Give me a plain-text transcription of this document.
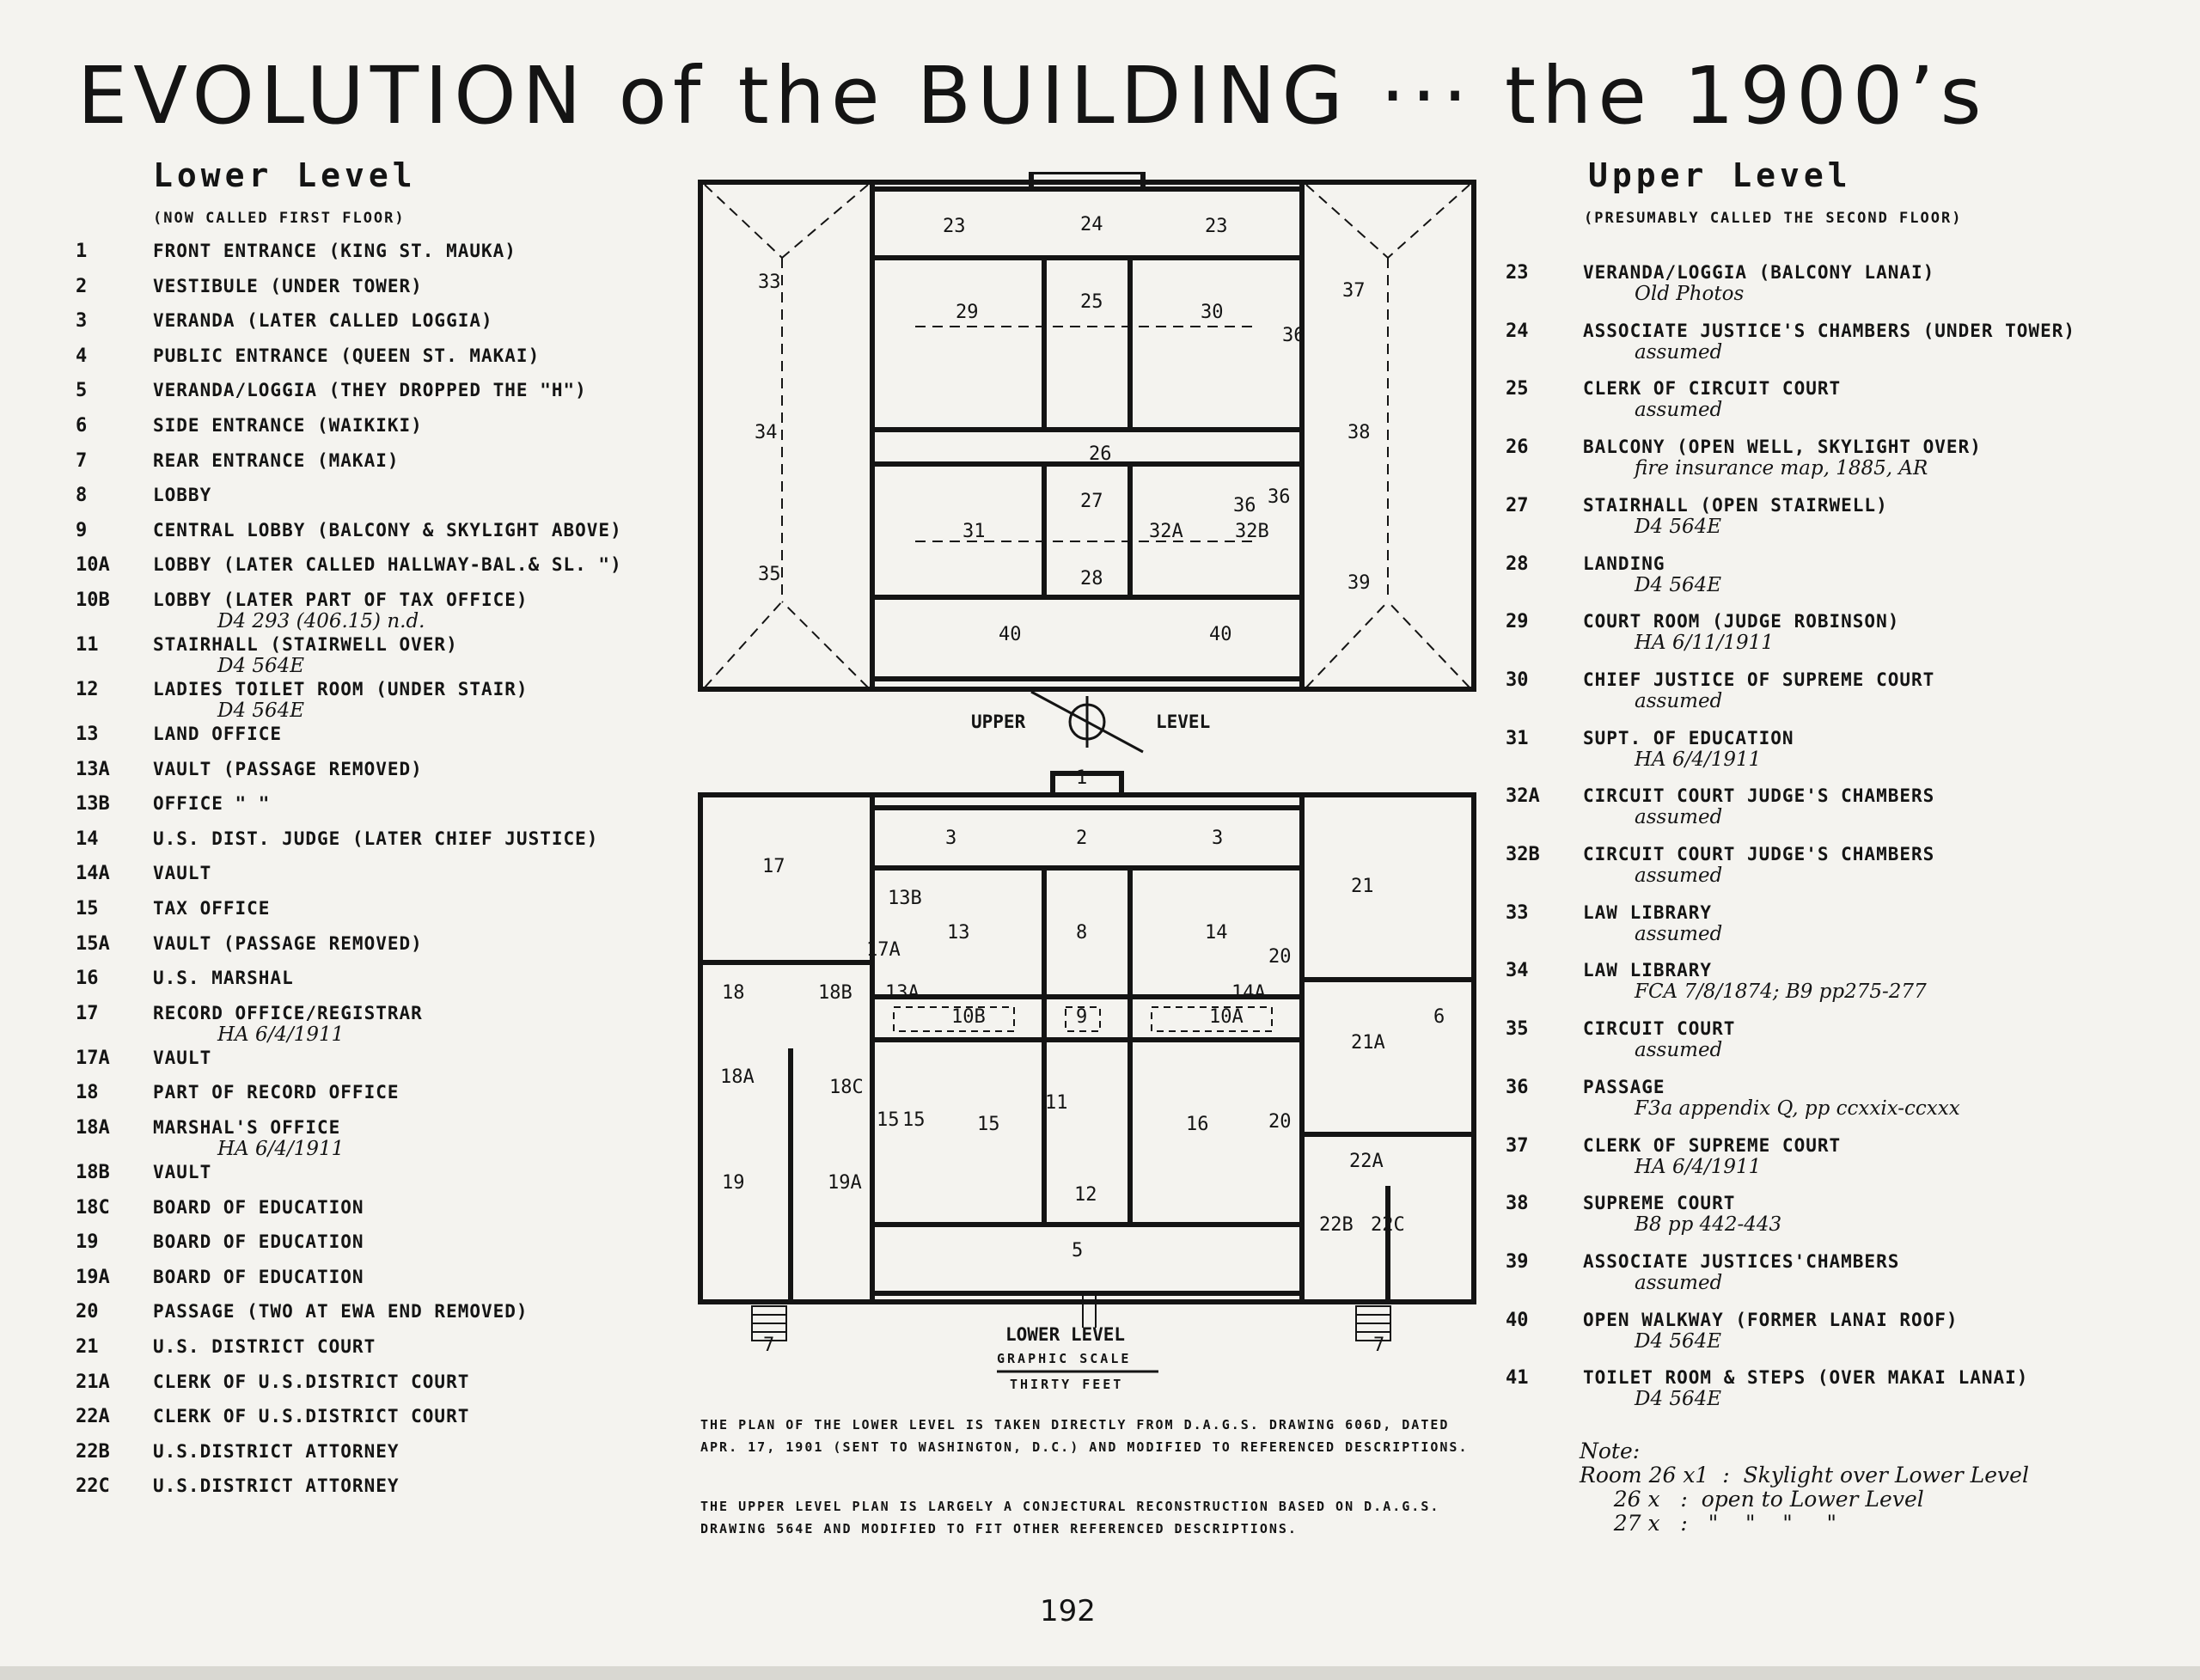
EVOLUTION of the BUILDING ··· the 1900’s
Lower Level
(NOW CALLED FIRST FLOOR)
1	FRONT ENTRANCE (KING ST. MAUKA)
2	VESTIBULE (UNDER TOWER)
3	VERANDA (LATER CALLED LOGGIA)
4	PUBLIC ENTRANCE (QUEEN ST. MAKAI)
5	VERANDA/LOGGIA (THEY DROPPED THE "H")
6	SIDE ENTRANCE (WAIKIKI)
7	REAR ENTRANCE (MAKAI)
8	LOBBY
9	CENTRAL LOBBY (BALCONY & SKYLIGHT ABOVE)
10A LOBBY (LATER CALLED HALLWAY-BAL.& SL. ")
10B LOBBY (LATER PART OF TAX OFFICE)
D4 293 (406.15) n.d.
11	STAIRHALL (STAIRWELL OVER)
D4 564E
12	LADIES TOILET ROOM (UNDER STAIR)
D4 564E
13	LAND OFFICE
13A VAULT (PASSAGE REMOVED)
13B OFFICE " "
14	U.S. DIST. JUDGE (LATER CHIEF JUSTICE)
14A VAULT
15	TAX OFFICE
15A VAULT (PASSAGE REMOVED)
16	U.S. MARSHAL
17	RECORD OFFICE/REGISTRAR
HA 6/4/1911
17A VAULT
18	PART OF RECORD OFFICE
18A MARSHAL'S OFFICE
HA 6/4/1911
18B VAULT
18C BOARD OF EDUCATION
19	BOARD OF EDUCATION
19A BOARD OF EDUCATION
20	PASSAGE (TWO AT EWA END REMOVED)
21	U.S. DISTRICT COURT
21A CLERK OF U.S.DISTRICT COURT
22A CLERK OF U.S.DISTRICT COURT
22B U.S.DISTRICT ATTORNEY
22C U.S.DISTRICT ATTORNEY
Upper Level
(PRESUMABLY CALLED THE SECOND FLOOR)
23	VERANDA/LOGGIA (BALCONY LANAI)
Old Photos
24	ASSOCIATE JUSTICE'S CHAMBERS (UNDER TOWER)
assumed
25	CLERK OF CIRCUIT COURT
assumed
26	BALCONY (OPEN WELL, SKYLIGHT OVER)
fire insurance map, 1885, AR
27	STAIRHALL (OPEN STAIRWELL)
D4 564E
28	LANDING
D4 564E
29	COURT ROOM (JUDGE ROBINSON)
HA 6/11/1911
30	CHIEF JUSTICE OF SUPREME COURT
assumed
31	SUPT. OF EDUCATION
HA 6/4/1911
32A CIRCUIT COURT JUDGE'S CHAMBERS
assumed
32B CIRCUIT COURT JUDGE'S CHAMBERS
assumed
33	LAW LIBRARY
assumed
34	LAW LIBRARY
FCA 7/8/1874; B9 pp275-277
35	CIRCUIT COURT
assumed
36	PASSAGE
F3a appendix Q, pp ccxxix-ccxxx
37	CLERK OF SUPREME COURT
HA 6/4/1911
38	SUPREME COURT
B8 pp 442-443
39	ASSOCIATE JUSTICES'CHAMBERS
assumed
40	OPEN WALKWAY (FORMER LANAI ROOF)
D4 564E
41	TOILET ROOM & STEPS (OVER MAKAI LANAI)
D4 564E
UPPER	LEVEL
LOWER LEVEL
GRAPHIC SCALE
THIRTY FEET
23	24	23
29	25	30
33	37
36
34	38
26
27
31	32A	32B
36 36
28
35	39
40	40
1
3	2	3
17
21
13B
13	8	14
17A	20
18	18B 13A	14A
6
10B	9	10A
21A
18A	18C
15 15
11
15	16	20
22A
19	19A
12
22B 22C
5
7	7
THE PLAN OF THE LOWER LEVEL IS TAKEN DIRECTLY FROM D.A.G.S. DRAWING 606D, DATED APR. 17, 1901 (SENT TO WASHINGTON, D.C.) AND MODIFIED TO REFERENCED DESCRIPTIONS.
THE UPPER LEVEL PLAN IS LARGELY A CONJECTURAL RECONSTRUCTION BASED ON D.A.G.S. DRAWING 564E AND MODIFIED TO FIT OTHER REFERENCED DESCRIPTIONS.
Note:
Room 26 x1  :  Skylight over Lower Level
26 x   :  open to Lower Level
27 x   :   "    "    "     "
192
